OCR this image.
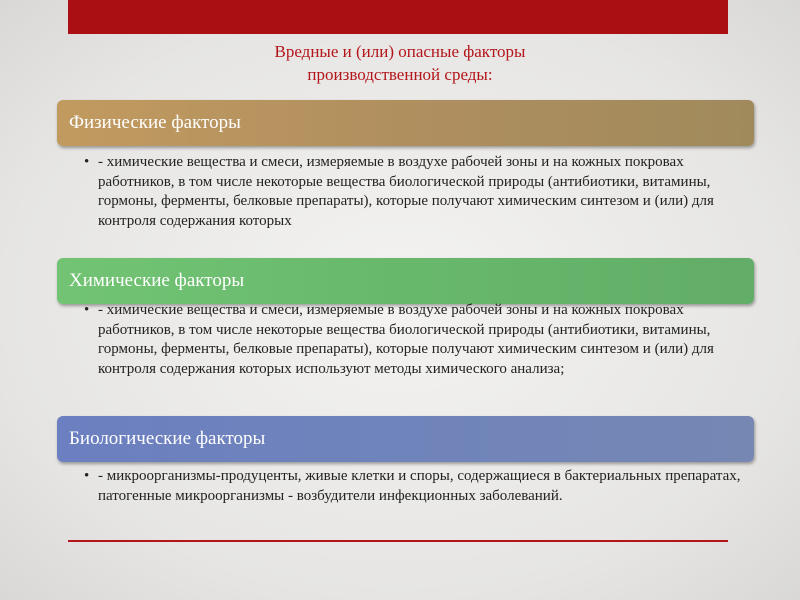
Вредные и (или) опасные факторы
производственной среды:
Физические факторы
• - химические вещества и смеси, измеряемые в воздухе рабочей зоны и на кожных покровах работников, в том числе некоторые вещества биологической природы (антибиотики, витамины, гормоны, ферменты, белковые препараты), которые получают химическим синтезом и (или) для контроля содержания которых
Химические факторы
• - химические вещества и смеси, измеряемые в воздухе рабочей зоны и на кожных покровах работников, в том числе некоторые вещества биологической природы (антибиотики, витамины, гормоны, ферменты, белковые препараты), которые получают химическим синтезом и (или) для контроля содержания которых используют методы химического анализа;
Биологические факторы
• - микроорганизмы-продуценты, живые клетки и споры, содержащиеся в бактериальных препаратах, патогенные микроорганизмы - возбудители инфекционных заболеваний.
